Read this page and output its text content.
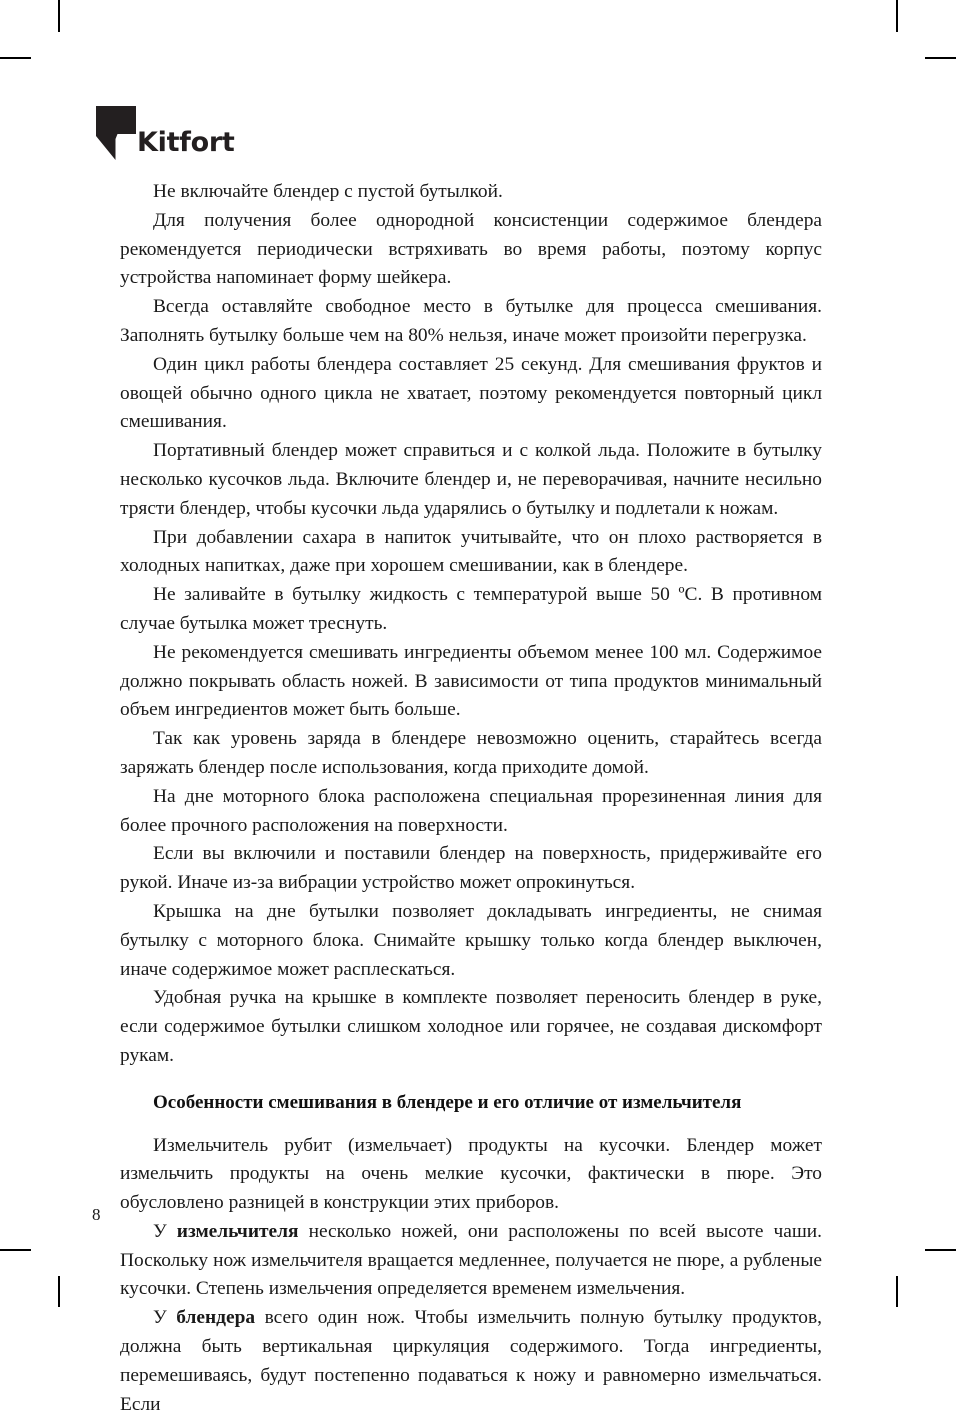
Kitfort

Не включайте блендер с пустой бутылкой.

Для получения более однородной консистенции содержимое блендера рекомендуется периодически встряхивать во время работы, поэтому корпус устройства напоминает форму шейкера.

Всегда оставляйте свободное место в бутылке для процесса смешивания. Заполнять бутылку больше чем на 80% нельзя, иначе может произойти перегрузка.

Один цикл работы блендера составляет 25 секунд. Для смешивания фруктов и овощей обычно одного цикла не хватает, поэтому рекомендуется повторный цикл смешивания.

Портативный блендер может справиться и с колкой льда. Положите в бутылку несколько кусочков льда. Включите блендер и, не переворачивая, начните несильно трясти блендер, чтобы кусочки льда ударялись о бутылку и подлетали к ножам.

При добавлении сахара в напиток учитывайте, что он плохо растворяется в холодных напитках, даже при хорошем смешивании, как в блендере.

Не заливайте в бутылку жидкость с температурой выше 50 ºС. В противном случае бутылка может треснуть.

Не рекомендуется смешивать ингредиенты объемом менее 100 мл. Содержимое должно покрывать область ножей. В зависимости от типа продуктов минимальный объем ингредиентов может быть больше.

Так как уровень заряда в блендере невозможно оценить, старайтесь всегда заряжать блендер после использования, когда приходите домой.

На дне моторного блока расположена специальная прорезиненная линия для более прочного расположения на поверхности.

Если вы включили и поставили блендер на поверхность, придерживайте его рукой. Иначе из-за вибрации устройство может опрокинуться.

Крышка на дне бутылки позволяет докладывать ингредиенты, не снимая бутылку с моторного блока. Снимайте крышку только когда блендер выключен, иначе содержимое может расплескаться.

Удобная ручка на крышке в комплекте позволяет переносить блендер в руке, если содержимое бутылки слишком холодное или горячее, не создавая дискомфорт рукам.

Особенности смешивания в блендере и его отличие от измельчителя

Измельчитель рубит (измельчает) продукты на кусочки. Блендер может измельчить продукты на очень мелкие кусочки, фактически в пюре. Это обусловлено разницей в конструкции этих приборов.

У измельчителя несколько ножей, они расположены по всей высоте чаши. Поскольку нож измельчителя вращается медленнее, получается не пюре, а рубленые кусочки. Степень измельчения определяется временем измельчения.

У блендера всего один нож. Чтобы измельчить полную бутылку продуктов, должна быть вертикальная циркуляция содержимого. Тогда ингредиенты, перемешиваясь, будут постепенно подаваться к ножу и равномерно измельчаться. Если

8
